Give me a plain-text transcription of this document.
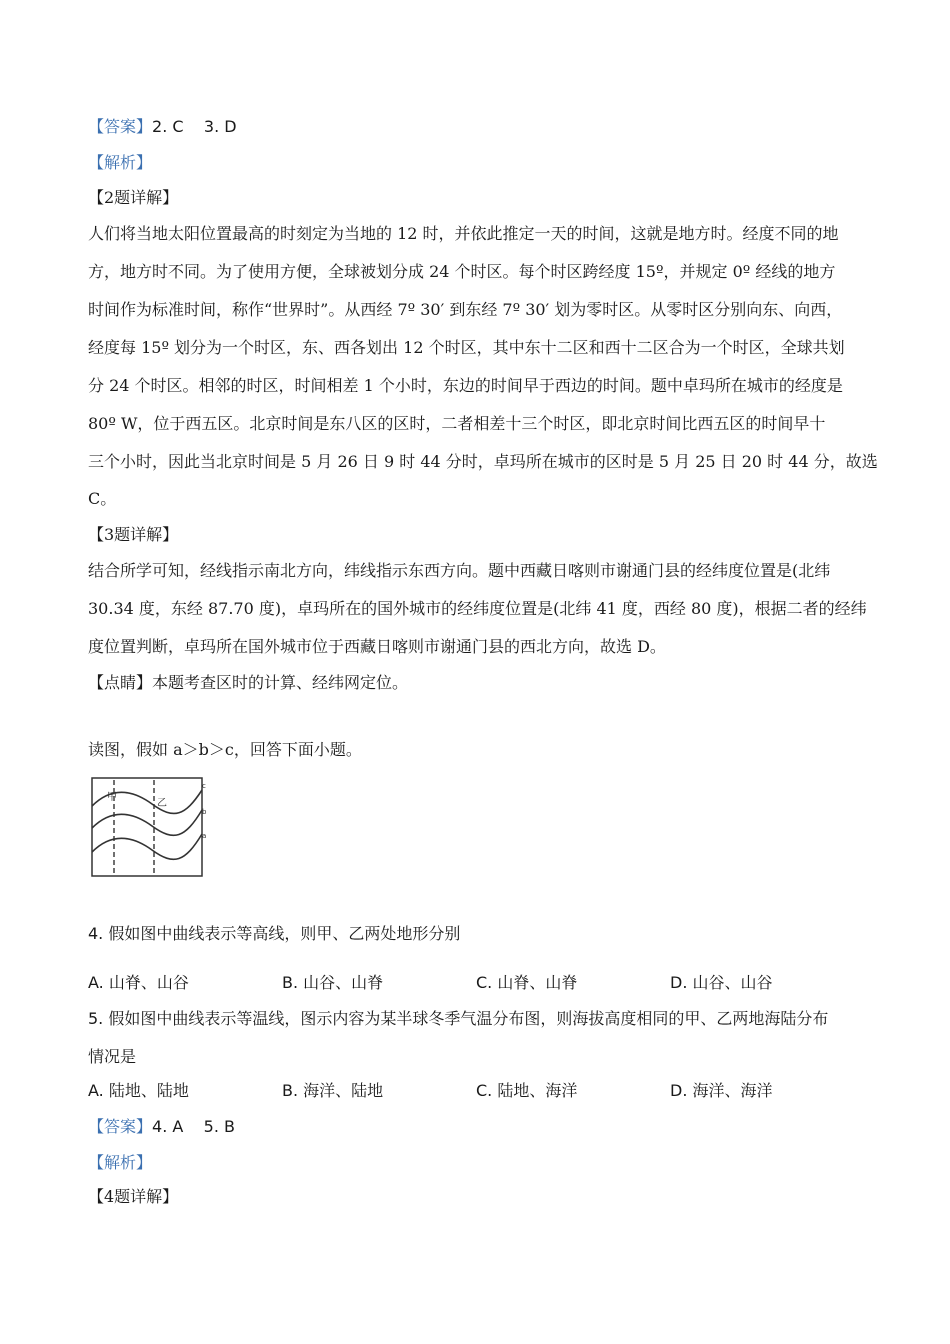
【答案】2. C    3. D
【解析】
【2题详解】
人们将当地太阳位置最高的时刻定为当地的 12 时，并依此推定一天的时间，这就是地方时。经度不同的地
方，地方时不同。为了使用方便，全球被划分成 24 个时区。每个时区跨经度 15º，并规定 0º 经线的地方
时间作为标准时间，称作“世界时”。从西经 7º 30′ 到东经 7º 30′ 划为零时区。从零时区分别向东、向西，
经度每 15º 划分为一个时区，东、西各划出 12 个时区，其中东十二区和西十二区合为一个时区，全球共划
分 24 个时区。相邻的时区，时间相差 1 个小时，东边的时间早于西边的时间。题中卓玛所在城市的经度是
80º W，位于西五区。北京时间是东八区的区时，二者相差十三个时区，即北京时间比西五区的时间早十
三个小时，因此当北京时间是 5 月 26 日 9 时 44 分时，卓玛所在城市的区时是 5 月 25 日 20 时 44 分，故选
C。
【3题详解】
结合所学可知，经线指示南北方向，纬线指示东西方向。题中西藏日喀则市谢通门县的经纬度位置是(北纬
30.34 度，东经 87.70 度)，卓玛所在的国外城市的经纬度位置是(北纬 41 度，西经 80 度)，根据二者的经纬
度位置判断，卓玛所在国外城市位于西藏日喀则市谢通门县的西北方向，故选 D。
【点睛】本题考查区时的计算、经纬网定位。
读图，假如 a＞b＞c，回答下面小题。
甲
乙
c
b
a
4. 假如图中曲线表示等高线，则甲、乙两处地形分别
A. 山脊、山谷	B. 山谷、山脊	C. 山脊、山脊	D. 山谷、山谷
5. 假如图中曲线表示等温线，图示内容为某半球冬季气温分布图，则海拔高度相同的甲、乙两地海陆分布
情况是
A. 陆地、陆地	B. 海洋、陆地	C. 陆地、海洋	D. 海洋、海洋
【答案】4. A    5. B
【解析】
【4题详解】
